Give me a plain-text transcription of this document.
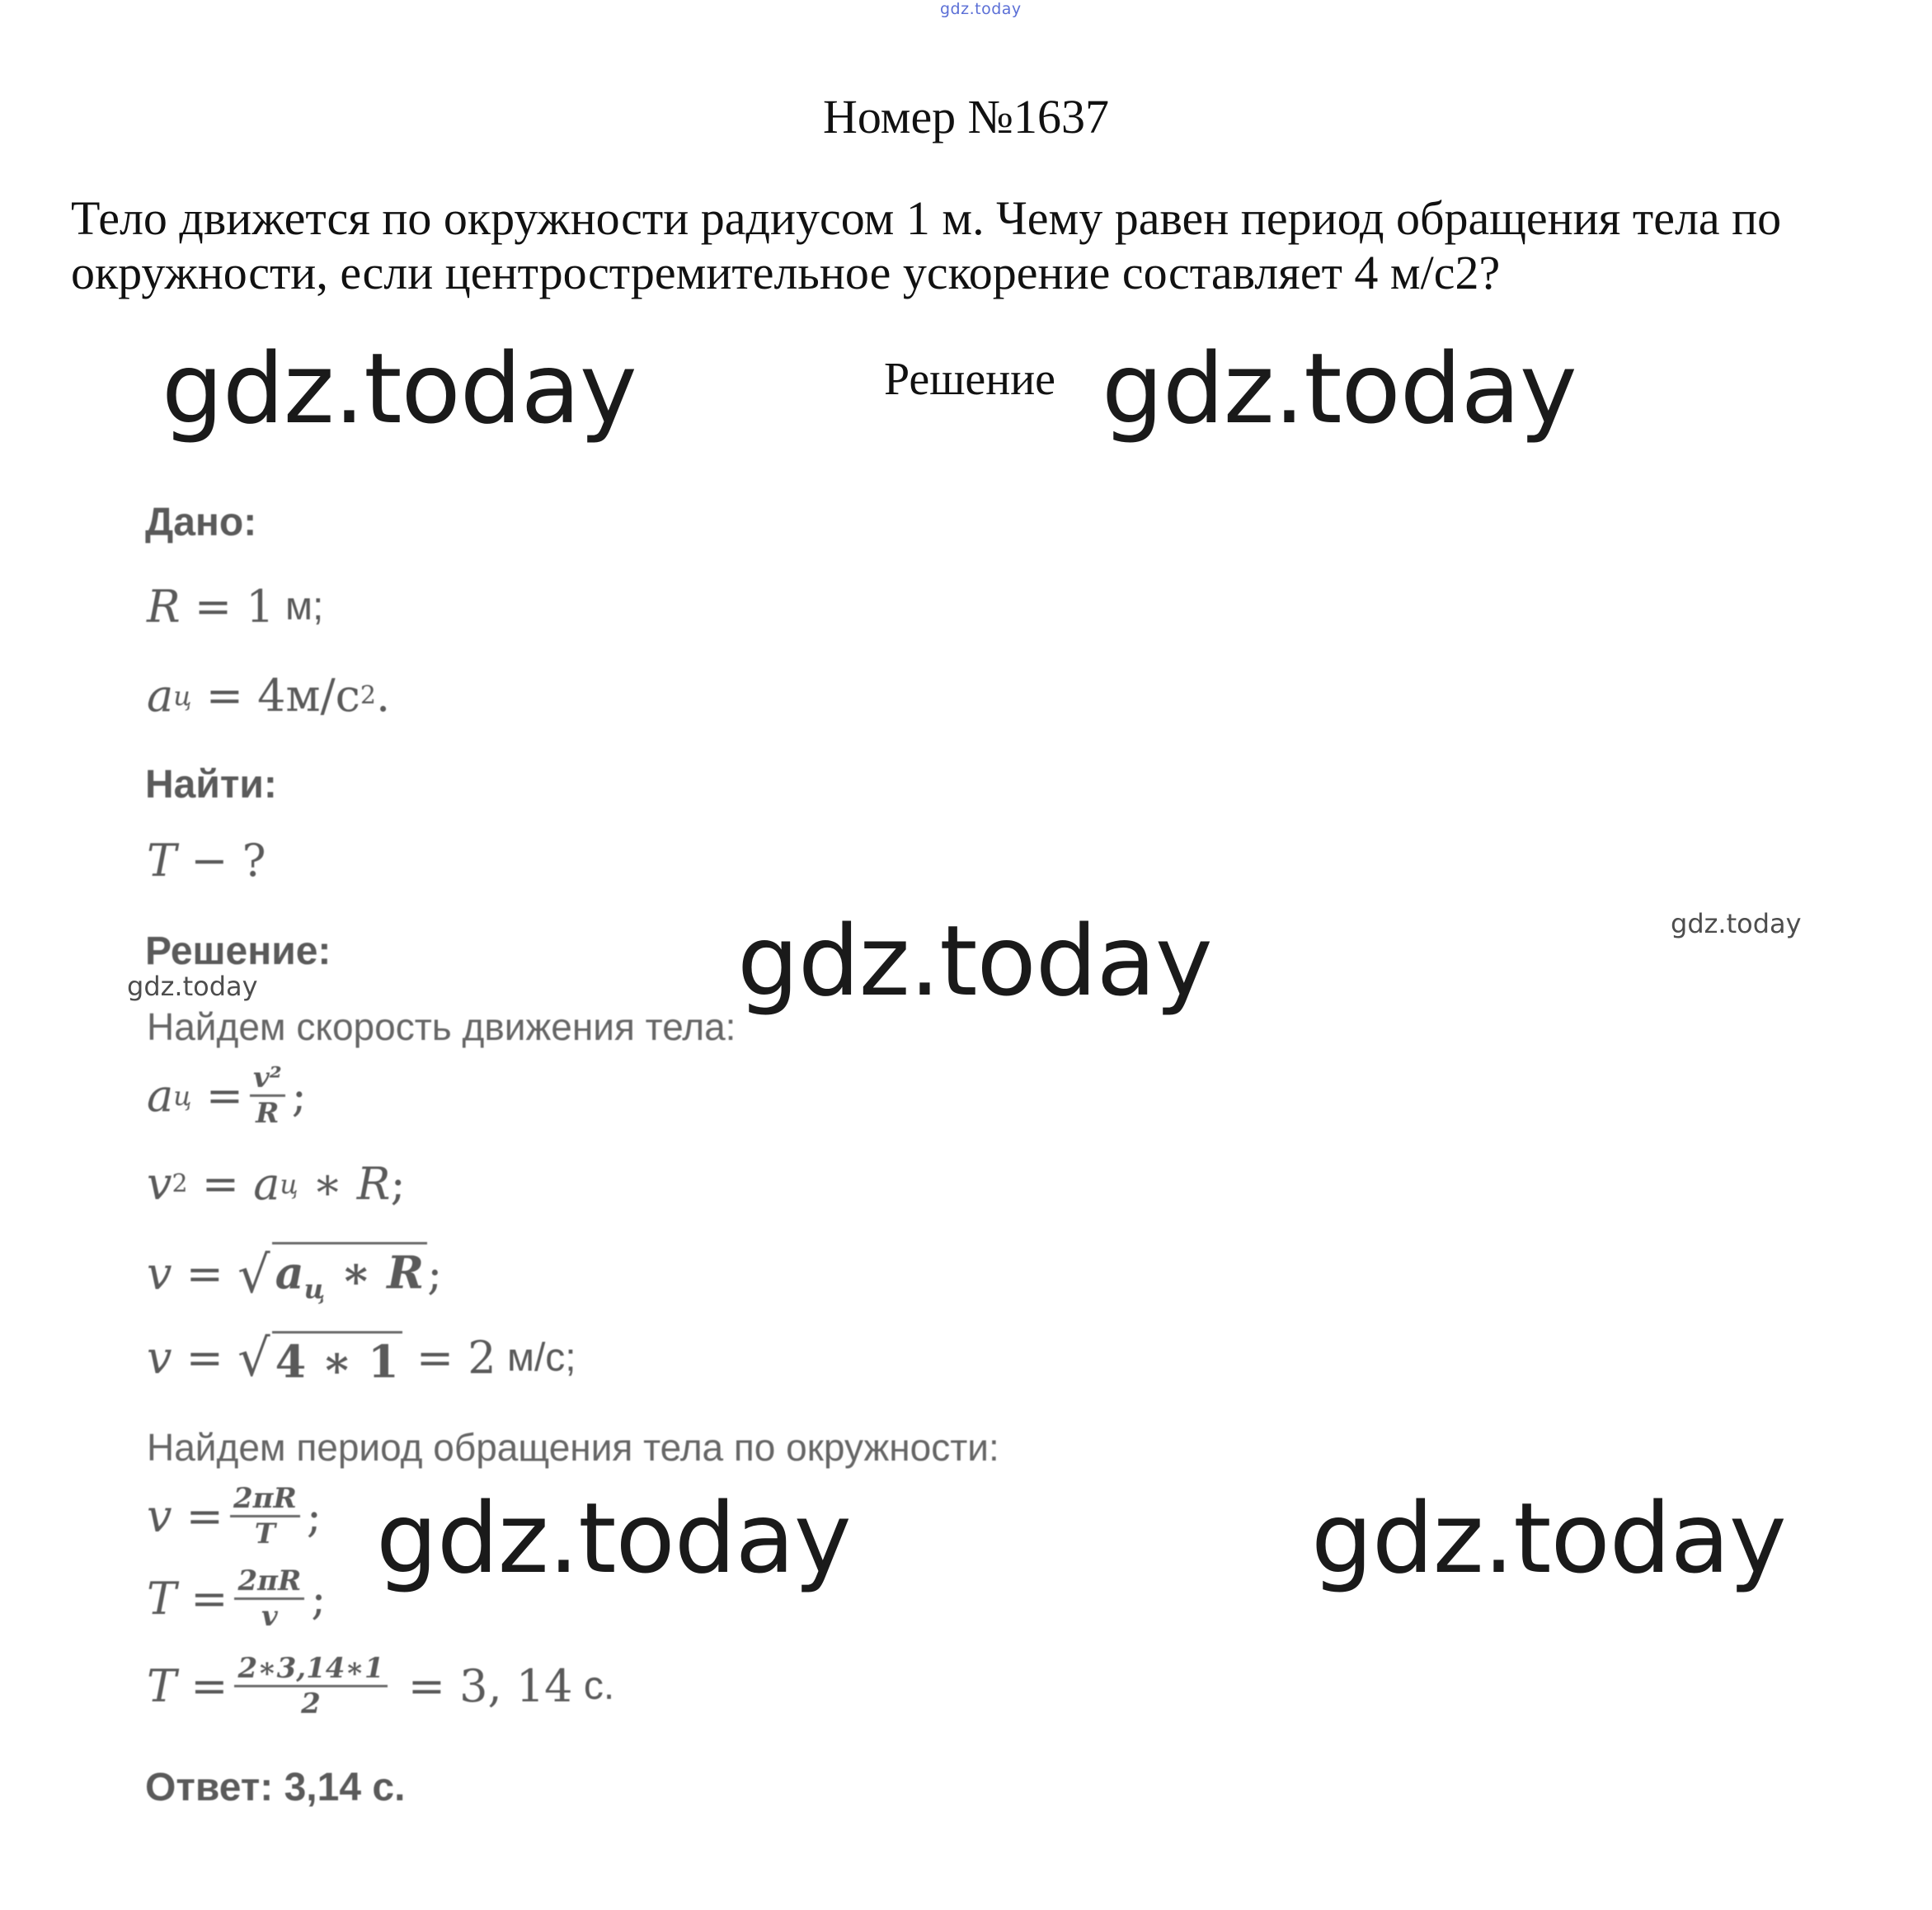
gdz.today
Номер №1637
Тело движется по окружности радиусом 1 м. Чему равен период обращения тела по окружности, если центростремительное ускорение составляет 4 м/с2?
gdz.today	Решение gdz.today
Дано:
R = 1 м;
a ц = 4м/с 2 .
Найти:
T − ?
Решение:	gdz.today	gdz.today
gdz.today
Найдем скорость движения тела:
a $ц = \frac{\text{v²}}{R}$ ;
v 2 = a ц ∗ R ;
v = √ $a_ц$ ∗ R ;
v = √ 4 ∗ 1 = 2 м/с;
Найдем период обращения тела по окружности:
$v = \frac{2\pi R}{T}$ ; gdz.today	gdz.today
$T = \frac{2\pi R}{v}$ ;
$T = \frac{2∗3,14∗1}{2} = 3$, 14 с.
Ответ: 3,14 с.
